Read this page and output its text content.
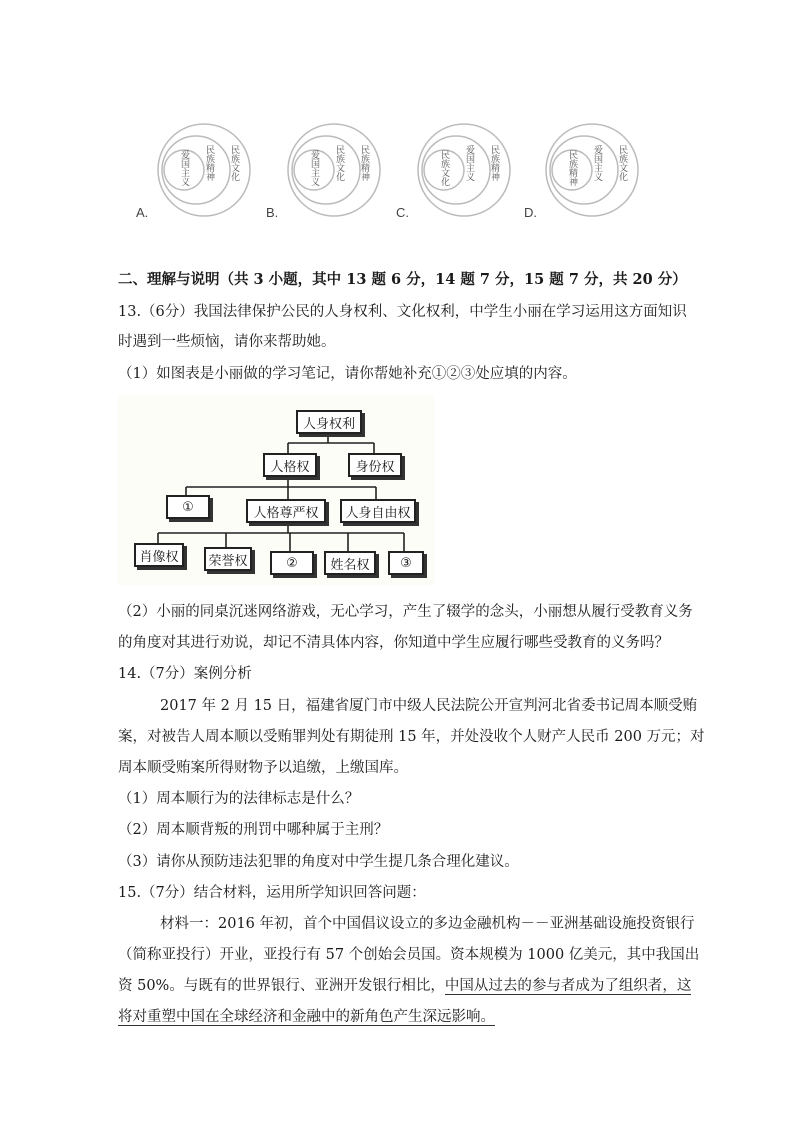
爱国主义 民族精神 民族文化	爱国主义 民族文化 民族精神	民族文化 爱国主义 民族精神	民族精神 爱国主义 民族文化
A.	B.	C.	D.
二、理解与说明（共 3 小题，其中 13 题 6 分，14 题 7 分，15 题 7 分，共 20 分）
13.（6分）我国法律保护公民的人身权利、文化权利，中学生小丽在学习运用这方面知识
时遇到一些烦恼，请你来帮助她。
（1）如图表是小丽做的学习笔记，请你帮她补充①②③处应填的内容。
人身权利
人格权	身份权
①	人格尊严权	人身自由权
肖像权	荣誉权	②	姓名权	③
（2）小丽的同桌沉迷网络游戏，无心学习，产生了辍学的念头，小丽想从履行受教育义务
的角度对其进行劝说，却记不清具体内容，你知道中学生应履行哪些受教育的义务吗？
14.（7分）案例分析
2017 年 2 月 15 日，福建省厦门市中级人民法院公开宣判河北省委书记周本顺受贿
案，对被告人周本顺以受贿罪判处有期徒刑 15 年，并处没收个人财产人民币 200 万元；对
周本顺受贿案所得财物予以追缴，上缴国库。
（1）周本顺行为的法律标志是什么？
（2）周本顺背叛的刑罚中哪种属于主刑？
（3）请你从预防违法犯罪的角度对中学生提几条合理化建议。
15.（7分）结合材料，运用所学知识回答问题：
材料一：2016 年初，首个中国倡议设立的多边金融机构－－亚洲基础设施投资银行
（简称亚投行）开业，亚投行有 57 个创始会员国。资本规模为 1000 亿美元，其中我国出
资 50%。与既有的世界银行、亚洲开发银行相比，中国从过去的参与者成为了组织者，这
将对重塑中国在全球经济和金融中的新角色产生深远影响。
